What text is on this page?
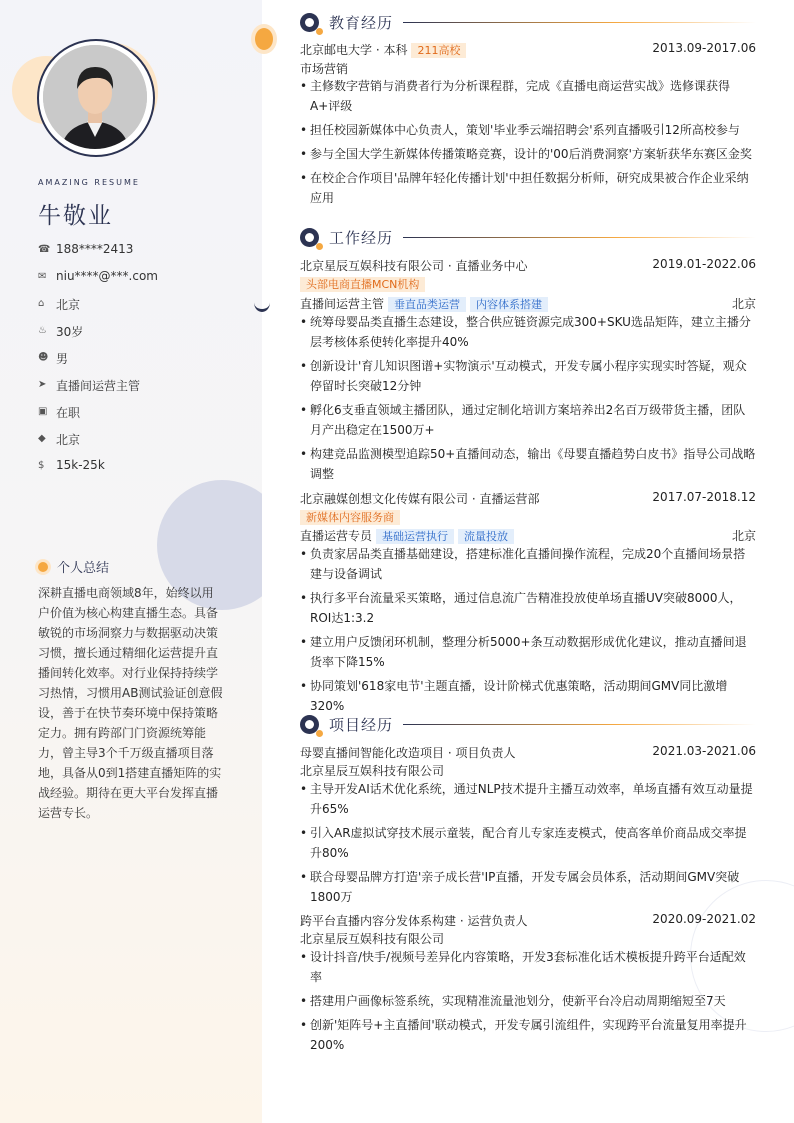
AMAZING RESUME
牛敬业
☎ 188****2413
✉ niu****@***.com
⌂ 北京
♨ 30岁
☻ 男
➤ 直播间运营主管
▣ 在职
◆ 北京
$ 15k-25k
个人总结
深耕直播电商领域8年，始终以用户价值为核心构建直播生态。具备敏锐的市场洞察力与数据驱动决策习惯，擅长通过精细化运营提升直播间转化效率。对行业保持持续学习热情，习惯用AB测试验证创意假设，善于在快节奏环境中保持策略定力。拥有跨部门门资源统筹能力，曾主导3个千万级直播项目落地，具备从0到1搭建直播矩阵的实战经验。期待在更大平台发挥直播运营专长。
教育经历
北京邮电大学 · 本科 211高校	2013.09-2017.06
市场营销
• 主修数字营销与消费者行为分析课程群，完成《直播电商运营实战》选修课获得A+评级
• 担任校园新媒体中心负责人，策划'毕业季云端招聘会'系列直播吸引12所高校参与
• 参与全国大学生新媒体传播策略竞赛，设计的'00后消费洞察'方案斩获华东赛区金奖
• 在校企合作项目'品牌年轻化传播计划'中担任数据分析师，研究成果被合作企业采纳应用
工作经历
北京星辰互娱科技有限公司 · 直播业务中心	2019.01-2022.06
头部电商直播MCN机构
直播间运营主管 垂直品类运营 内容体系搭建	北京
• 统筹母婴品类直播生态建设，整合供应链资源完成300+SKU选品矩阵，建立主播分层考核体系使转化率提升40%
• 创新设计'育儿知识图谱+实物演示'互动模式，开发专属小程序实现实时答疑，观众停留时长突破12分钟
• 孵化6支垂直领域主播团队，通过定制化培训方案培养出2名百万级带货主播，团队月产出稳定在1500万+
• 构建竞品监测模型追踪50+直播间动态，输出《母婴直播趋势白皮书》指导公司战略调整
北京融媒创想文化传媒有限公司 · 直播运营部	2017.07-2018.12
新媒体内容服务商
直播运营专员 基础运营执行 流量投放	北京
• 负责家居品类直播基础建设，搭建标准化直播间操作流程，完成20个直播间场景搭建与设备调试
• 执行多平台流量采买策略，通过信息流广告精准投放使单场直播UV突破8000人，ROI达1:3.2
• 建立用户反馈闭环机制，整理分析5000+条互动数据形成优化建议，推动直播间退货率下降15%
• 协同策划'618家电节'主题直播，设计阶梯式优惠策略，活动期间GMV同比激增320%
项目经历
母婴直播间智能化改造项目 · 项目负责人	2021.03-2021.06
北京星辰互娱科技有限公司
• 主导开发AI话术优化系统，通过NLP技术提升主播互动效率，单场直播有效互动量提升65%
• 引入AR虚拟试穿技术展示童装，配合育儿专家连麦模式，使高客单价商品成交率提升80%
• 联合母婴品牌方打造'亲子成长营'IP直播，开发专属会员体系，活动期间GMV突破1800万
跨平台直播内容分发体系构建 · 运营负责人	2020.09-2021.02
北京星辰互娱科技有限公司
• 设计抖音/快手/视频号差异化内容策略，开发3套标准化话术模板提升跨平台适配效率
• 搭建用户画像标签系统，实现精准流量池划分，使新平台冷启动周期缩短至7天
• 创新'矩阵号+主直播间'联动模式，开发专属引流组件，实现跨平台流量复用率提升200%
